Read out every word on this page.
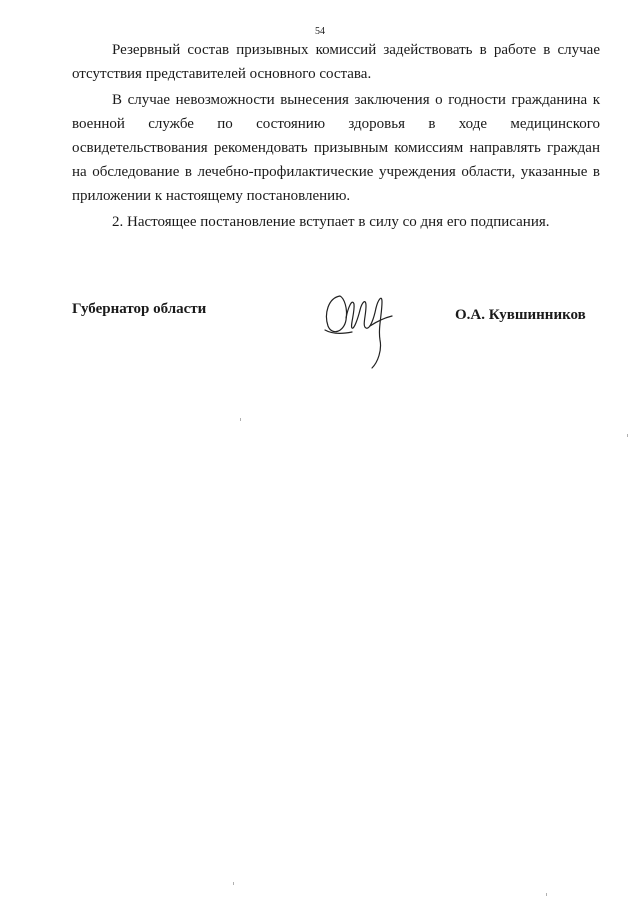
54

Резервный состав призывных комиссий задействовать в работе в случае отсутствия представителей основного состава.

В случае невозможности вынесения заключения о годности гражданина к военной службе по состоянию здоровья в ходе медицинского освидетельствования рекомендовать призывным комиссиям направлять граждан на обследование в лечебно-профилактические учреждения области, указанные в приложении к настоящему постановлению.

2. Настоящее постановление вступает в силу со дня его подписания.

Губернатор области	О.А. Кувшинников
